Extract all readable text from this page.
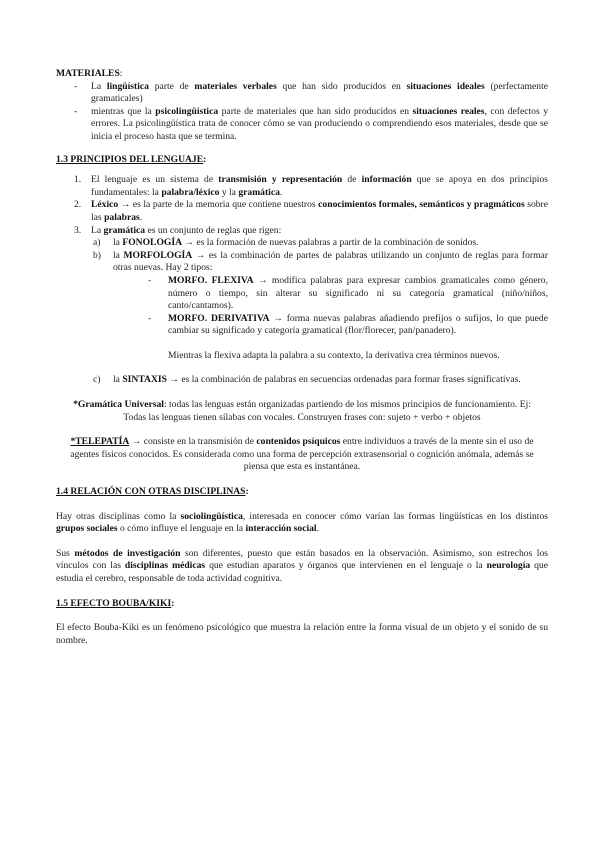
MATERIALES:
-	La lingüística parte de materiales verbales que han sido producidos en situaciones ideales (perfectamente gramaticales)
-	mientras que la psicolingüística parte de materiales que han sido producidos en situaciones reales, con defectos y errores. La psicolingüística trata de conocer cómo se van produciendo o comprendiendo esos materiales, desde que se inicia el proceso hasta que se termina.
1.3 PRINCIPIOS DEL LENGUAJE:
1.	El lenguaje es un sistema de transmisión y representación de información que se apoya en dos principios fundamentales: la palabra/léxico y la gramática.
2.	Léxico → es la parte de la memoria que contiene nuestros conocimientos formales, semánticos y pragmáticos sobre las palabras.
3.	La gramática es un conjunto de reglas que rigen:
a)	la FONOLOGÍA → es la formación de nuevas palabras a partir de la combinación de sonidos.
b)	la MORFOLOGÍA → es la combinación de partes de palabras utilizando un conjunto de reglas para formar otras nuevas. Hay 2 tipos:
-	MORFO. FLEXIVA → modifica palabras para expresar cambios gramaticales como género, número o tiempo, sin alterar su significado ni su categoría gramatical (niño/niños, canto/cantamos).
-	MORFO. DERIVATIVA → forma nuevas palabras añadiendo prefijos o sufijos, lo que puede cambiar su significado y categoría gramatical (flor/florecer, pan/panadero).
Mientras la flexiva adapta la palabra a su contexto, la derivativa crea términos nuevos.
c)	la SINTAXIS → es la combinación de palabras en secuencias ordenadas para formar frases significativas.
*Gramática Universal: todas las lenguas están organizadas partiendo de los mismos principios de funcionamiento. Ej: Todas las lenguas tienen sílabas con vocales. Construyen frases con: sujeto + verbo + objetos
*TELEPATÍA → consiste en la transmisión de contenidos psíquicos entre individuos a través de la mente sin el uso de agentes físicos conocidos. Es considerada como una forma de percepción extrasensorial o cognición anómala, además se piensa que esta es instantánea.
1.4 RELACIÓN CON OTRAS DISCIPLINAS:
Hay otras disciplinas como la sociolingüística, interesada en conocer cómo varían las formas lingüísticas en los distintos grupos sociales o cómo influye el lenguaje en la interacción social.
Sus métodos de investigación son diferentes, puesto que están basados en la observación. Asimismo, son estrechos los vínculos con las disciplinas médicas que estudian aparatos y órganos que intervienen en el lenguaje o la neurología que estudia el cerebro, responsable de toda actividad cognitiva.
1.5 EFECTO BOUBA/KIKI:
El efecto Bouba-Kiki es un fenómeno psicológico que muestra la relación entre la forma visual de un objeto y el sonido de su nombre.
